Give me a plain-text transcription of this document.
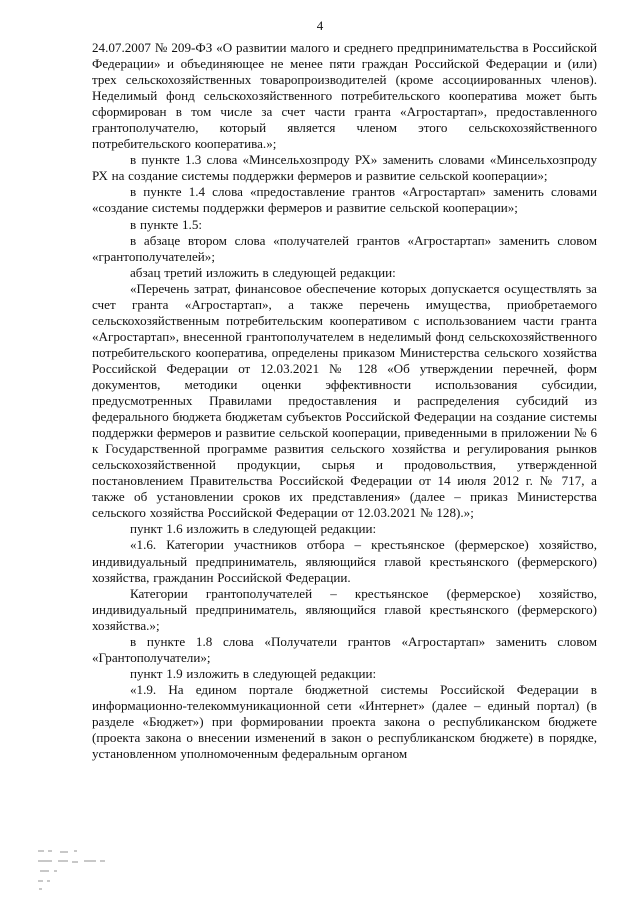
4

24.07.2007 № 209-ФЗ «О развитии малого и среднего предпринимательства в Российской Федерации» и объединяющее не менее пяти граждан Российской Федерации и (или) трех сельскохозяйственных товаропроизводителей (кроме ассоциированных членов). Неделимый фонд сельскохозяйственного потребительского кооператива может быть сформирован в том числе за счет части гранта «Агростартап», предоставленного грантополучателю, который является членом этого сельскохозяйственного потребительского кооператива.»;

в пункте 1.3 слова «Минсельхозпроду РХ» заменить словами «Минсельхозпроду РХ на создание системы поддержки фермеров и развитие сельской кооперации»;

в пункте 1.4 слова «предоставление грантов «Агростартап» заменить словами «создание системы поддержки фермеров и развитие сельской кооперации»;

в пункте 1.5:

в абзаце втором слова «получателей грантов «Агростартап» заменить словом «грантополучателей»;

абзац третий изложить в следующей редакции:

«Перечень затрат, финансовое обеспечение которых допускается осуществлять за счет гранта «Агростартап», а также перечень имущества, приобретаемого сельскохозяйственным потребительским кооперативом с использованием части гранта «Агростартап», внесенной грантополучателем в неделимый фонд сельскохозяйственного потребительского кооператива, определены приказом Министерства сельского хозяйства Российской Федерации от 12.03.2021 № 128 «Об утверждении перечней, форм документов, методики оценки эффективности использования субсидии, предусмотренных Правилами предоставления и распределения субсидий из федерального бюджета бюджетам субъектов Российской Федерации на создание системы поддержки фермеров и развитие сельской кооперации, приведенными в приложении № 6 к Государственной программе развития сельского хозяйства и регулирования рынков сельскохозяйственной продукции, сырья и продовольствия, утвержденной постановлением Правительства Российской Федерации от 14 июля 2012 г. № 717, а также об установлении сроков их представления» (далее – приказ Министерства сельского хозяйства Российской Федерации от 12.03.2021 № 128).»;

пункт 1.6 изложить в следующей редакции:

«1.6. Категории участников отбора – крестьянское (фермерское) хозяйство, индивидуальный предприниматель, являющийся главой крестьянского (фермерского) хозяйства, гражданин Российской Федерации.

Категории грантополучателей – крестьянское (фермерское) хозяйство, индивидуальный предприниматель, являющийся главой крестьянского (фермерского) хозяйства.»;

в пункте 1.8 слова «Получатели грантов «Агростартап» заменить словом «Грантополучатели»;

пункт 1.9 изложить в следующей редакции:

«1.9. На едином портале бюджетной системы Российской Федерации в информационно-телекоммуникационной сети «Интернет» (далее – единый портал) (в разделе «Бюджет») при формировании проекта закона о республиканском бюджете (проекта закона о внесении изменений в закон о республиканском бюджете) в порядке, установленном уполномоченным федеральным органом
